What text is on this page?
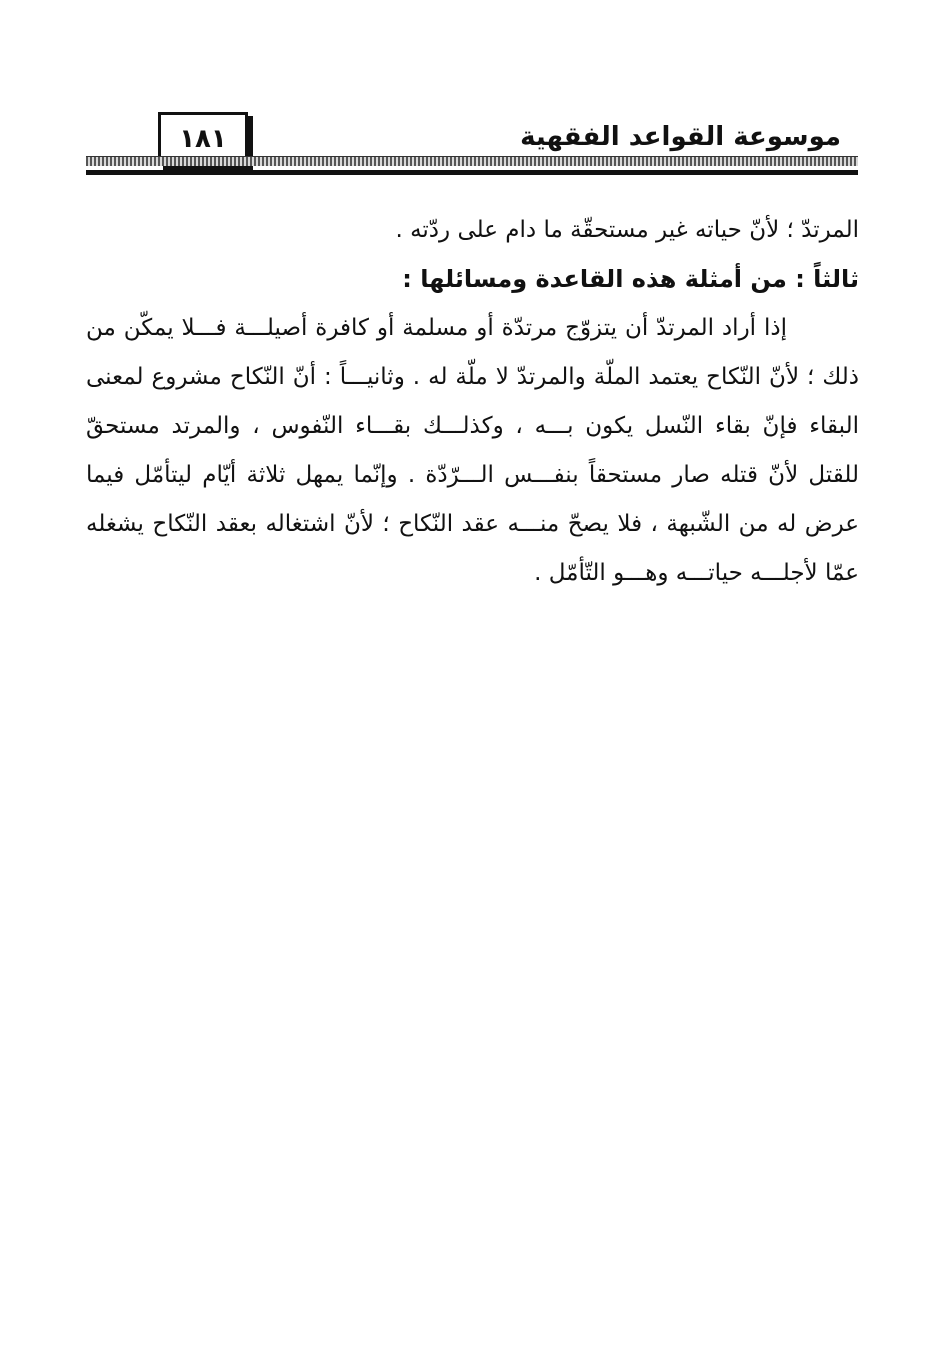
موسوعة القواعد الفقهية
١٨١

المرتدّ ؛ لأنّ حياته غير مستحقّة ما دام على ردّته .

ثالثاً : من أمثلة هذه القاعدة ومسائلها :

إذا أراد المرتدّ أن يتزوّج مرتدّة أو مسلمة أو كافرة أصيلـــة فـــلا يمكّن من ذلك ؛ لأنّ النّكاح يعتمد الملّة والمرتدّ لا ملّة له . وثانيـــاً : أنّ النّكاح مشروع لمعنى البقاء فإنّ بقاء النّسل يكون بـــه ، وكذلـــك بقـــاء النّفوس ، والمرتد مستحقّ للقتل لأنّ قتله صار مستحقاً بنفـــس الـــرّدّة . وإنّما يمهل ثلاثة أيّام ليتأمّل فيما عرض له من الشّبهة ، فلا يصحّ منـــه عقد النّكاح ؛ لأنّ اشتغاله بعقد النّكاح يشغله عمّا لأجلـــه حياتـــه وهـــو التّأمّل .
